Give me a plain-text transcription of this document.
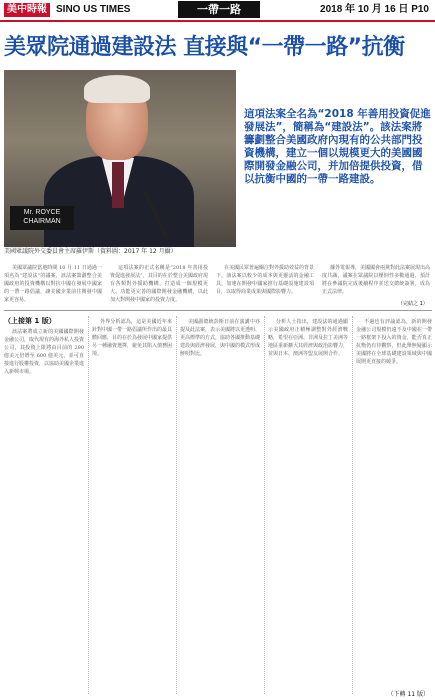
美中時報 SINO US TIMES	一帶一路	2018 年 10 月 16 日 P10
美眾院通過建設法 直接與“一帶一路”抗衡
Mr. ROYCE CHAIRMAN
美國眾議院外交委員會主席羅伊斯（資料圖：2017 年 12 月攝）
這項法案全名為“2018 年善用投資促進發展法”，簡稱為“建設法”。該法案將籌劃整合美國政府內現有的公共部門投資機構，建立一個以規模更大的美國國際開發金融公司，并加倍提供投資，借以抗衡中國的一帶一路建設。

美國眾議院當地時間 10 月 11 日通過一項名為“建設法”的議案，該法案籌劃整合美國政府的投資機構以對抗中國在發展中國家的一帶一路倡議，讓美國企業前往開發中國家更容易。

這項法案的正式名稱是“2018 年善用投資促進發展法”，其目的在於整合美國政府現有各類對外援助機構，打造成一個規模更大、功能更完善的國際開發金融機構，以此加大對開發中國家的投資力度。

在美國民眾普遍關注對外援助效益的背景下，該法案以較少的成本與更靈活的金融工具，加速在開發中國家推行基礎設施建設項目，以取得商業成果與國際影響力。

據外電報導，美國國會兩黨對此法案展現出高度共識，議案在眾議院以壓倒性多數通過，預計將在參議院完成後續程序並送交總統簽署，成為正式法律。

（完結之 1）
（上接第 1 版）

該法案將成立新的美國國際開發金融公司，取代現有的海外私人投資公司，其投資上限將由目前的 290 億美元倍增至 600 億美元，並可直接進行股權投資，以協助美國企業進入新興市場。

外界分析認為，這是美國近年來針對中國一帶一路倡議所作出的最具體回應，目的在於為發展中國家提供另一種融資選擇，避免其陷入債務困境。

美國副總統彭斯日前在演講中亦提及此法案，表示美國將以更透明、更高標準的方式，協助各國推動基礎建設與經濟發展，與中國的模式形成鮮明對比。

分析人士指出，建設法的通過顯示美國政府正積極調整對外經濟戰略，希望在亞洲、非洲及拉丁美洲等地區重新擴大其經濟與政治影響力，並與日本、澳洲等盟友展開合作。

不過也有評論認為，新的開發金融公司規模仍遠不及中國在一帶一路框架下投入的資金，能否真正抗衡仍有待觀察，但此舉無疑顯示美國將在全球基礎建設領域與中國展開更直接的競爭。

（下轉 11 版）
